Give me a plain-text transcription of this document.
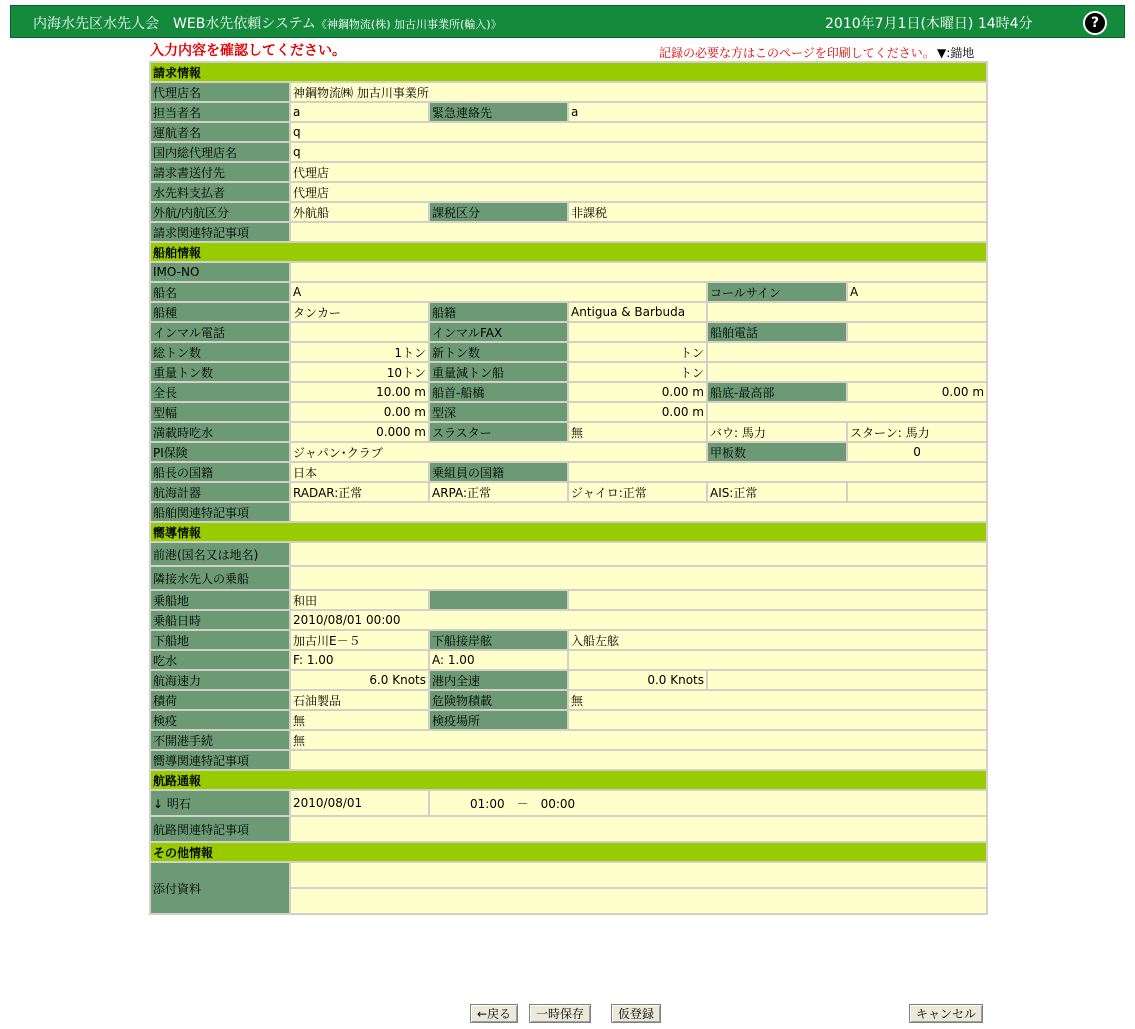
内海水先区水先人会　WEB水先依頼システム《神鋼物流(株) 加古川事業所(輸入)》	2010年7月1日(木曜日) 14時4分	?
入力内容を確認してください。	記録の必要な方はこのページを印刷してください。 ▼:錨地
請求情報					
代理店名	神鋼物流㈱ 加古川事業所				
担当者名	a	緊急連絡先	a		
運航者名	q				
国内総代理店名	q				
請求書送付先	代理店				
水先料支払者	代理店				
外航/内航区分	外航船	課税区分	非課税		
請求関連特記事項					
船舶情報					
IMO-NO					
船名	A			コールサイン	A
船種	タンカー	船籍	Antigua & Barbuda		
インマル電話		インマルFAX		船舶電話	
総トン数	1トン	新トン数	トン		
重量トン数	10トン	重量減トン船	トン		
全長	10.00 m	船首-船橋	0.00 m	船底-最高部	0.00 m
型幅	0.00 m	型深	0.00 m		
満載時吃水	0.000 m	スラスター	無	バウ: 馬力	スターン: 馬力
PI保険	ジャパン･クラブ			甲板数	0
船長の国籍	日本	乗組員の国籍			
航海計器	RADAR:正常	ARPA:正常	ジャイロ:正常	AIS:正常	
船舶関連特記事項					
嚮導情報					
前港(国名又は地名)					
隣接水先人の乗船					
乗船地	和田				
乗船日時	2010/08/01 00:00				
下船地	加古川E－５	下船接岸舷	入船左舷		
吃水	F: 1.00	A: 1.00			
航海速力	6.0 Knots	港内全速	0.0 Knots		
積荷	石油製品	危険物積載	無		
検疫	無	検疫場所			
不開港手続	無				
嚮導関連特記事項					
航路通報					
↓ 明石	2010/08/01	01:00　－　00:00			
航路関連特記事項					
その他情報					
添付資料					

←戻る	一時保存	仮登録	キャンセル
